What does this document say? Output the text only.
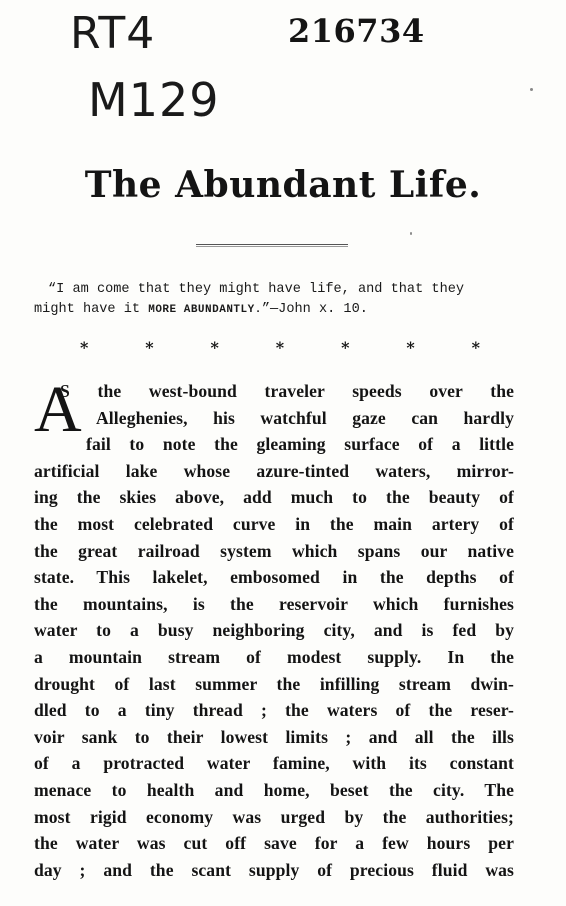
RT4
M129
216734
The Abundant Life.
“I am come that they might have life, and that they
might have it MORE ABUNDANTLY.”—John x. 10.
*	*	*	*	*	*	*
A
S the west-bound traveler speeds over the
Alleghenies, his watchful gaze can hardly
fail to note the gleaming surface of a little
artificial lake whose azure-tinted waters, mirror-
ing the skies above, add much to the beauty of
the most celebrated curve in the main artery of
the great railroad system which spans our native
state. This lakelet, embosomed in the depths of
the mountains, is the reservoir which furnishes
water to a busy neighboring city, and is fed by
a mountain stream of modest supply. In the
drought of last summer the infilling stream dwin-
dled to a tiny thread ; the waters of the reser-
voir sank to their lowest limits ; and all the ills
of a protracted water famine, with its constant
menace to health and home, beset the city. The
most rigid economy was urged by the authorities;
the water was cut off save for a few hours per
day ; and the scant supply of precious fluid was
